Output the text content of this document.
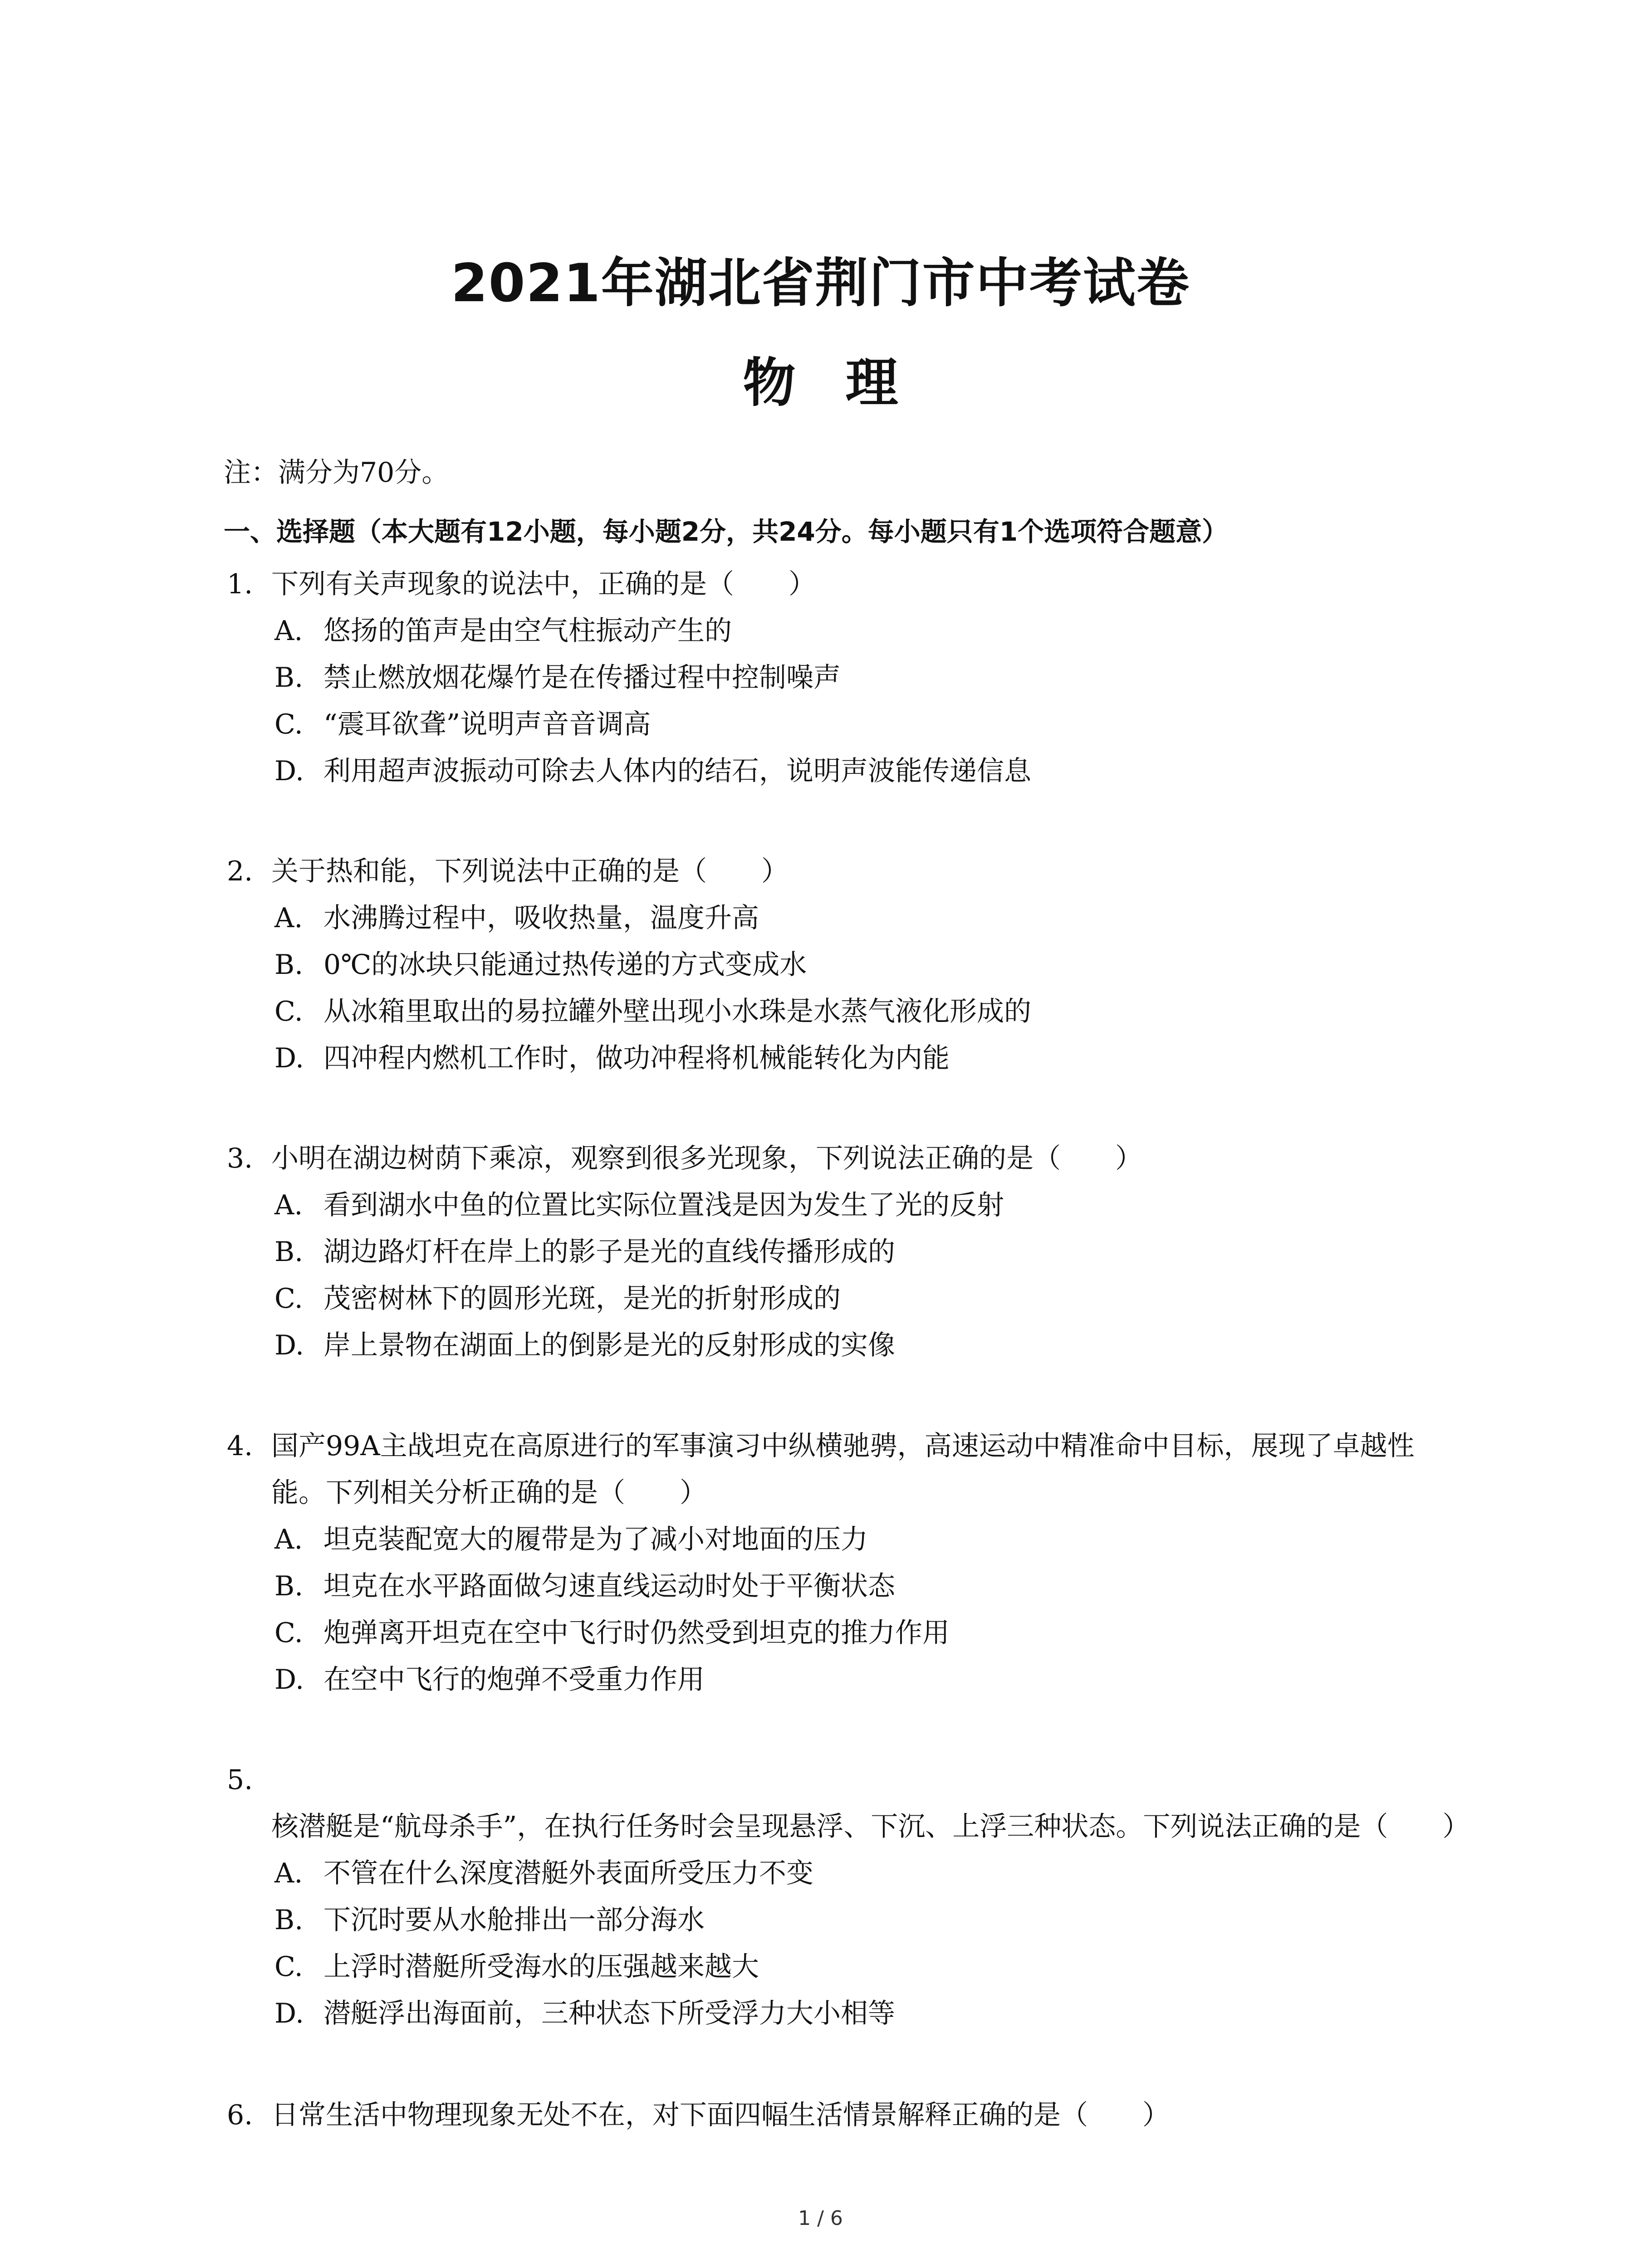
2021年湖北省荆门市中考试卷
物理
注：满分为70分。
一、选择题（本大题有12小题，每小题2分，共24分。每小题只有1个选项符合题意）
1. 下列有关声现象的说法中，正确的是（　　）
A. 悠扬的笛声是由空气柱振动产生的
B. 禁止燃放烟花爆竹是在传播过程中控制噪声
C. “震耳欲聋”说明声音音调高
D. 利用超声波振动可除去人体内的结石，说明声波能传递信息
2. 关于热和能，下列说法中正确的是（　　）
A. 水沸腾过程中，吸收热量，温度升高
B. 0℃的冰块只能通过热传递的方式变成水
C. 从冰箱里取出的易拉罐外壁出现小水珠是水蒸气液化形成的
D. 四冲程内燃机工作时，做功冲程将机械能转化为内能
3. 小明在湖边树荫下乘凉，观察到很多光现象，下列说法正确的是（　　）
A. 看到湖水中鱼的位置比实际位置浅是因为发生了光的反射
B. 湖边路灯杆在岸上的影子是光的直线传播形成的
C. 茂密树林下的圆形光斑，是光的折射形成的
D. 岸上景物在湖面上的倒影是光的反射形成的实像
4. 国产99A主战坦克在高原进行的军事演习中纵横驰骋，高速运动中精准命中目标，展现了卓越性能。下列相关分析正确的是（　　）
A. 坦克装配宽大的履带是为了减小对地面的压力
B. 坦克在水平路面做匀速直线运动时处于平衡状态
C. 炮弹离开坦克在空中飞行时仍然受到坦克的推力作用
D. 在空中飞行的炮弹不受重力作用
5.核潜艇是“航母杀手”，在执行任务时会呈现悬浮、下沉、上浮三种状态。下列说法正确的是（　　）
A. 不管在什么深度潜艇外表面所受压力不变
B. 下沉时要从水舱排出一部分海水
C. 上浮时潜艇所受海水的压强越来越大
D. 潜艇浮出海面前，三种状态下所受浮力大小相等
6. 日常生活中物理现象无处不在，对下面四幅生活情景解释正确的是（　　）
1 / 6
